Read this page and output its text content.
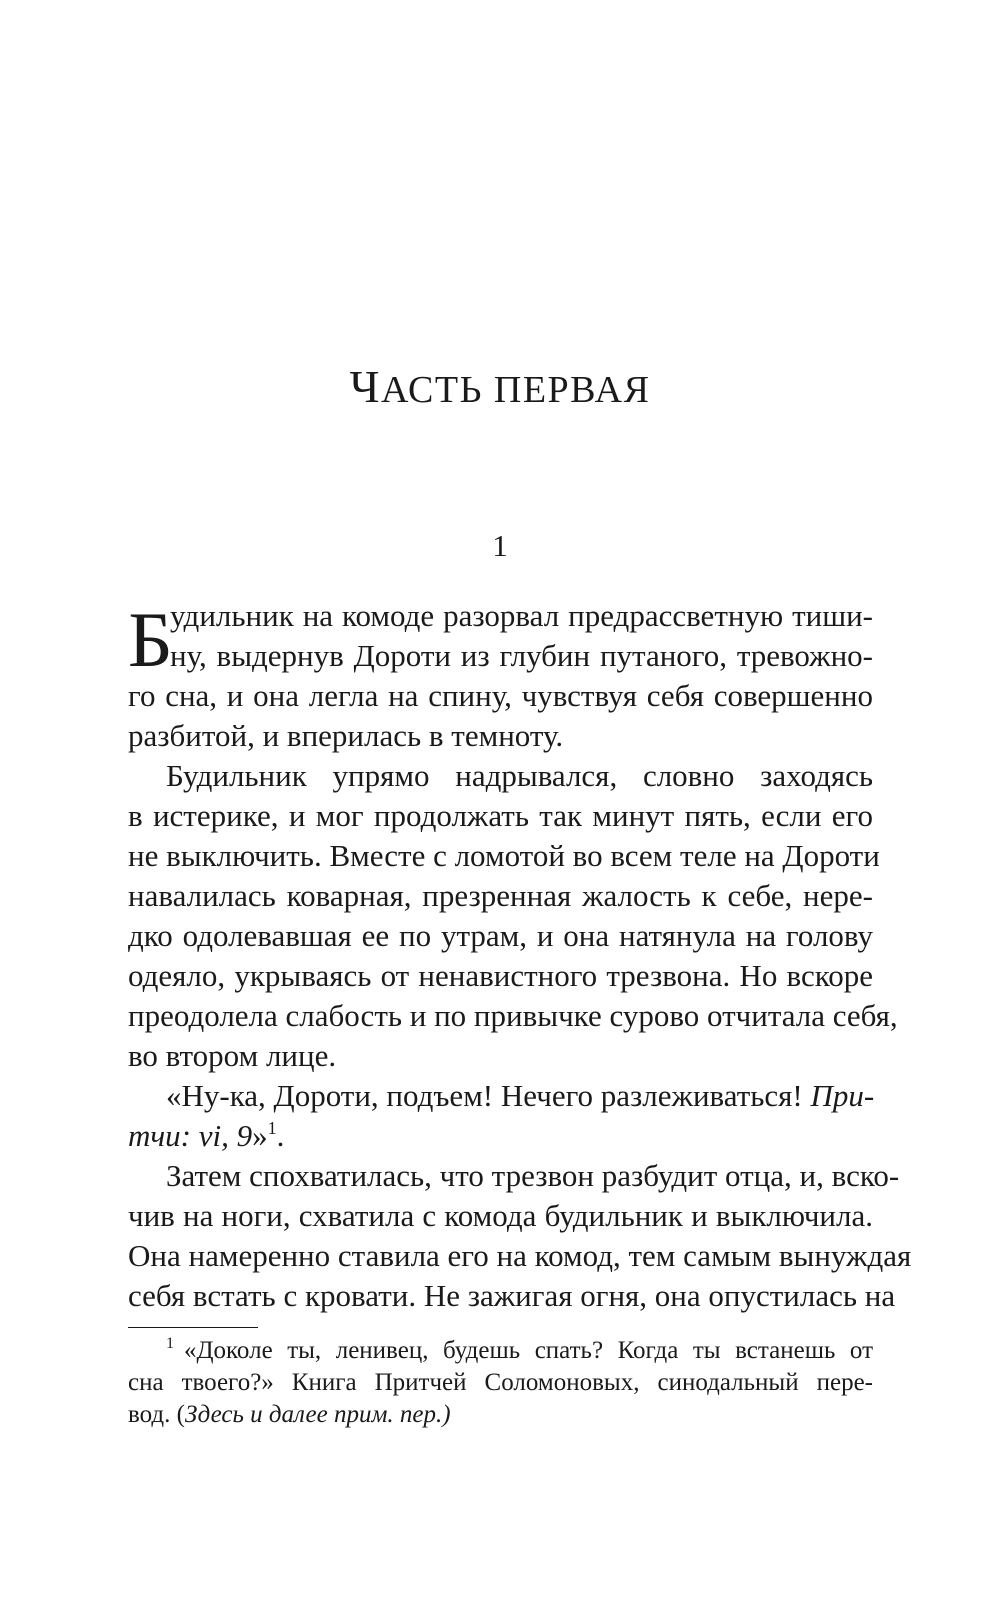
ЧАСТЬ ПЕРВАЯ
1
Б
удильник на комоде разорвал предрассветную тиши-
ну, выдернув Дороти из глубин путаного, тревожно-
го сна, и она легла на спину, чувствуя себя совершенно
разбитой, и вперилась в темноту.
Будильник упрямо надрывался, словно заходясь
в истерике, и мог продолжать так минут пять, если его
не выключить. Вместе с ломотой во всем теле на Дороти
навалилась коварная, презренная жалость к себе, нере-
дко одолевавшая ее по утрам, и она натянула на голову
одеяло, укрываясь от ненавистного трезвона. Но вскоре
преодолела слабость и по привычке сурово отчитала себя,
во втором лице.
«Ну-ка, Дороти, подъем! Нечего разлеживаться! При-
тчи: vi, 9»$^1$.
Затем спохватилась, что трезвон разбудит отца, и, вско-
чив на ноги, схватила с комода будильник и выключила.
Она намеренно ставила его на комод, тем самым вынуждая
себя встать с кровати. Не зажигая огня, она опустилась на
$^1$ «Доколе ты, ленивец, будешь спать? Когда ты встанешь от
сна твоего?» Книга Притчей Соломоновых, синодальный пере-
вод. (Здесь и далее прим. пер.)
